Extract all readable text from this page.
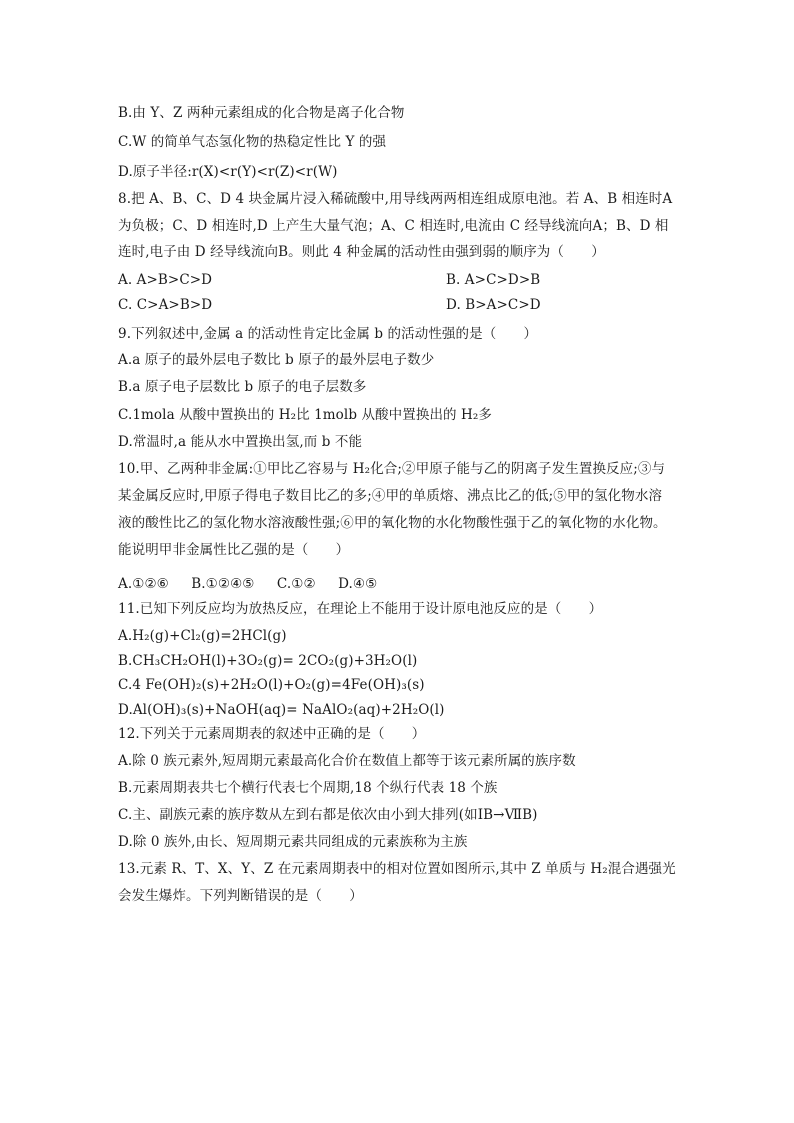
B.由 Y、Z 两种元素组成的化合物是离子化合物
C.W 的简单气态氢化物的热稳定性比 Y 的强
D.原子半径:r(X)<r(Y)<r(Z)<r(W)
8.把 A、B、C、D 4 块金属片浸入稀硫酸中,用导线两两相连组成原电池。若 A、B 相连时A
为负极；C、D 相连时,D 上产生大量气泡；A、C 相连时,电流由 C 经导线流向A；B、D 相
连时,电子由 D 经导线流向B。则此 4 种金属的活动性由强到弱的顺序为（　　）
A. A>B>C>D	B. A>C>D>B
C. C>A>B>D	D. B>A>C>D
9.下列叙述中,金属 a 的活动性肯定比金属 b 的活动性强的是（　　）
A.a 原子的最外层电子数比 b 原子的最外层电子数少
B.a 原子电子层数比 b 原子的电子层数多
C.1mola 从酸中置换出的 H₂比 1molb 从酸中置换出的 H₂多
D.常温时,a 能从水中置换出氢,而 b 不能
10.甲、乙两种非金属:①甲比乙容易与 H₂化合;②甲原子能与乙的阴离子发生置换反应;③与
某金属反应时,甲原子得电子数目比乙的多;④甲的单质熔、沸点比乙的低;⑤甲的氢化物水溶
液的酸性比乙的氢化物水溶液酸性强;⑥甲的氧化物的水化物酸性强于乙的氧化物的水化物。
能说明甲非金属性比乙强的是（　　）
A.①②⑥ B.①②④⑤ C.①② D.④⑤
11.已知下列反应均为放热反应，在理论上不能用于设计原电池反应的是（　　）
A.H₂(g)+Cl₂(g)=2HCl(g)
B.CH₃CH₂OH(l)+3O₂(g)= 2CO₂(g)+3H₂O(l)
C.4 Fe(OH)₂(s)+2H₂O(l)+O₂(g)=4Fe(OH)₃(s)
D.Al(OH)₃(s)+NaOH(aq)= NaAlO₂(aq)+2H₂O(l)
12.下列关于元素周期表的叙述中正确的是（　　）
A.除 0 族元素外,短周期元素最高化合价在数值上都等于该元素所属的族序数
B.元素周期表共七个横行代表七个周期,18 个纵行代表 18 个族
C.主、副族元素的族序数从左到右都是依次由小到大排列(如ⅠB→ⅦB)
D.除 0 族外,由长、短周期元素共同组成的元素族称为主族
13.元素 R、T、X、Y、Z 在元素周期表中的相对位置如图所示,其中 Z 单质与 H₂混合遇强光
会发生爆炸。下列判断错误的是（　　）
